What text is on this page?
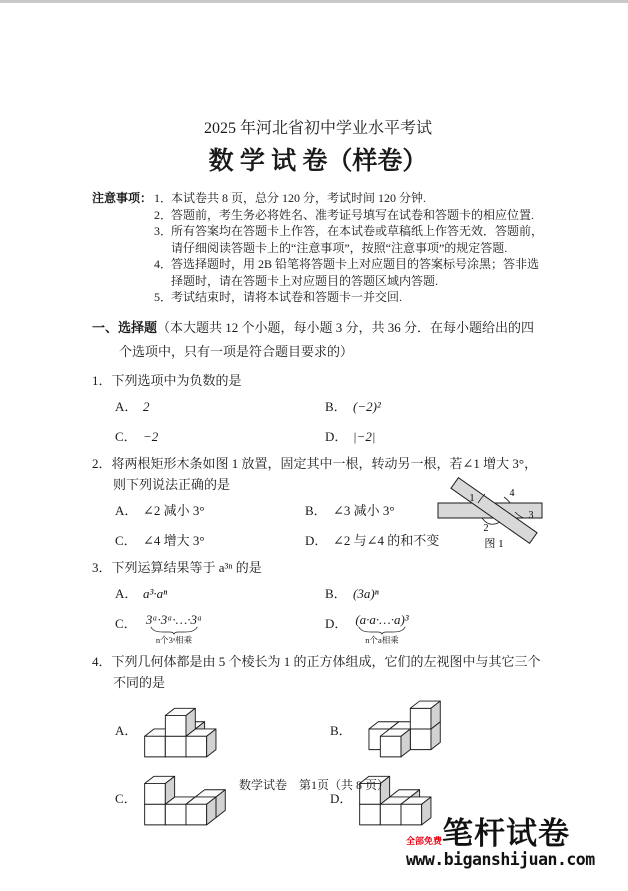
2025 年河北省初中学业水平考试
数 学 试 卷（样卷）
注意事项： 1．
本试卷共 8 页，总分 120 分，考试时间 120 分钟.
2．
答题前，考生务必将姓名、准考证号填写在试卷和答题卡的相应位置.
3．
所有答案均在答题卡上作答，在本试卷或草稿纸上作答无效．答题前，请仔细阅读答题卡上的“注意事项”，按照“注意事项”的规定答题.
4．
答选择题时，用 2B 铅笔将答题卡上对应题目的答案标号涂黑；答非选择题时，请在答题卡上对应题目的答题区域内答题.
5．
考试结束时，请将本试卷和答题卡一并交回.
一、选择题（本大题共 12 个小题，每小题 3 分，共 36 分．在每小题给出的四个选项中，只有一项是符合题目要求的）
1．下列选项中为负数的是
A． 2	B． (−2)²
C． −2	D． |−2|
2．将两根矩形木条如图 1 放置，固定其中一根，转动另一根，若∠1 增大 3°，则下列说法正确的是
A． ∠2 减小 3°	B． ∠3 减小 3°
C． ∠4 增大 3°	D． ∠2 与∠4 的和不变
1	4
2
3
图 1
3．下列运算结果等于 a³ⁿ 的是
A． a³·aⁿ	B． (3a)ⁿ
C． 3ᵃ·3ᵃ·…·3ᵃ
n个3ᵃ相乘
D． (a·a·…·a)³
n个a相乘
4．下列几何体都是由 5 个棱长为 1 的正方体组成，它们的左视图中与其它三个不同的是
A．	B．
C．	D．
数学试卷　第1页（共 8 页）
全部免费 笔杆试卷
www.biganshijuan.com
